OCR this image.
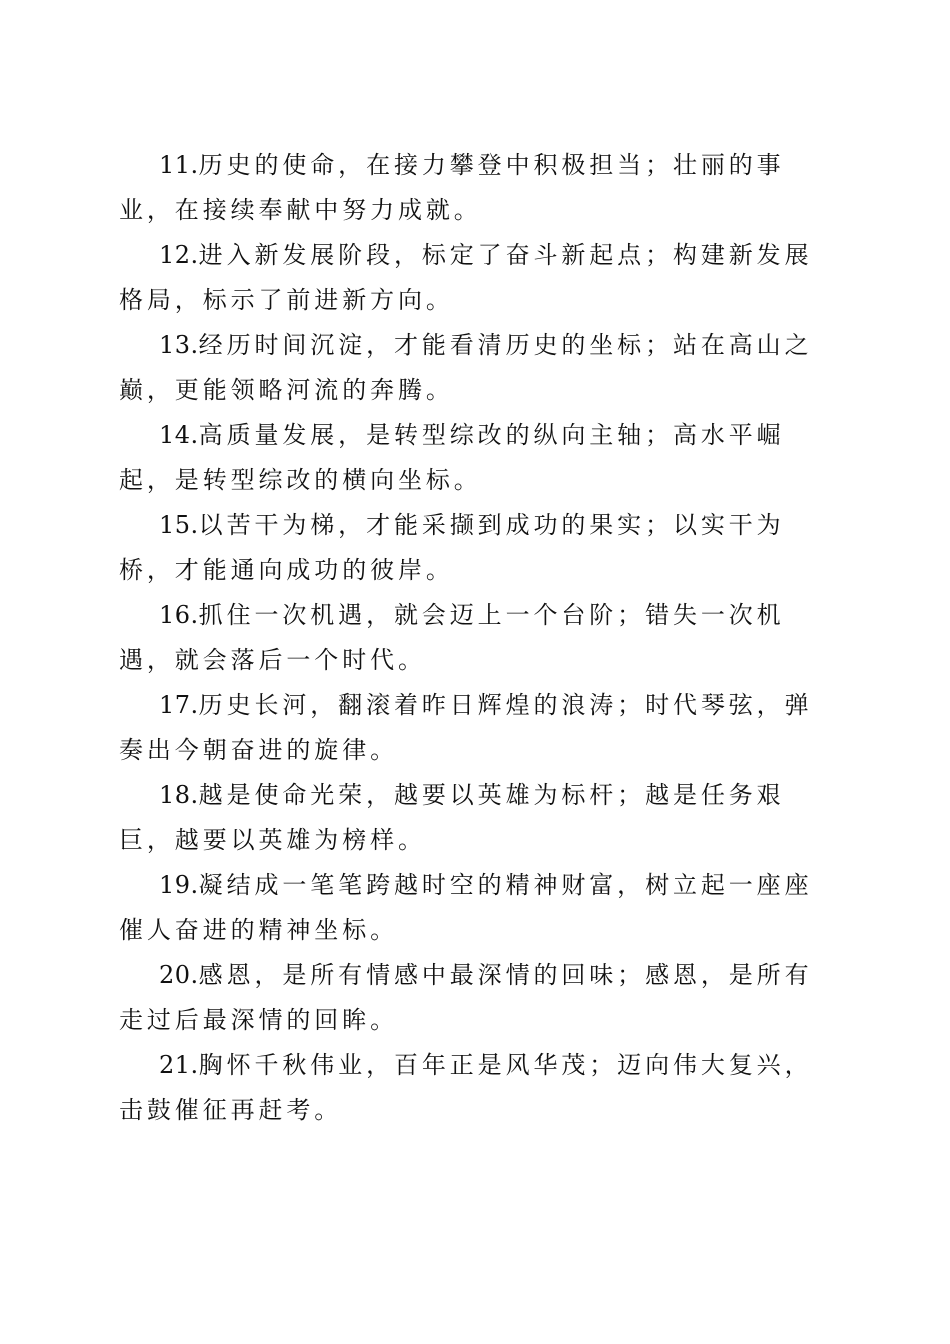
11.历史的使命，在接力攀登中积极担当；壮丽的事业，在接续奉献中努力成就。

12.进入新发展阶段，标定了奋斗新起点；构建新发展格局，标示了前进新方向。

13.经历时间沉淀，才能看清历史的坐标；站在高山之巅，更能领略河流的奔腾。

14.高质量发展，是转型综改的纵向主轴；高水平崛起，是转型综改的横向坐标。

15.以苦干为梯，才能采撷到成功的果实；以实干为桥，才能通向成功的彼岸。

16.抓住一次机遇，就会迈上一个台阶；错失一次机遇，就会落后一个时代。

17.历史长河，翻滚着昨日辉煌的浪涛；时代琴弦，弹奏出今朝奋进的旋律。

18.越是使命光荣，越要以英雄为标杆；越是任务艰巨，越要以英雄为榜样。

19.凝结成一笔笔跨越时空的精神财富，树立起一座座催人奋进的精神坐标。

20.感恩，是所有情感中最深情的回味；感恩，是所有走过后最深情的回眸。

21.胸怀千秋伟业，百年正是风华茂；迈向伟大复兴，击鼓催征再赶考。
